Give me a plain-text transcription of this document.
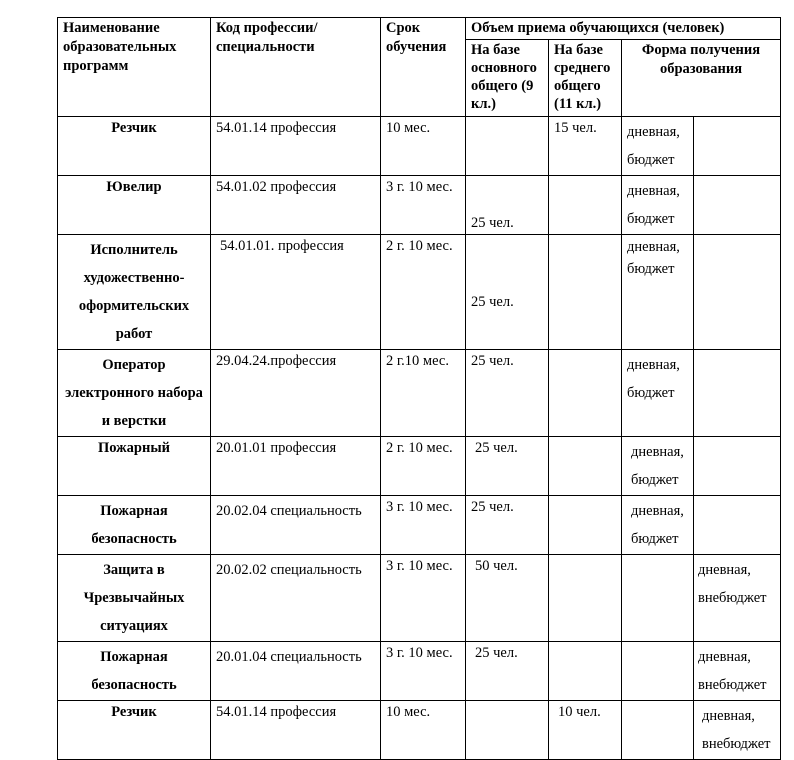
Наименование образовательных программ	Код профессии/ специальности	Срок обучения	Объем приема обучающихся (человек)			
			На базе основного общего (9 кл.)	На базе среднего общего (11 кл.)	Форма получения образования	
Резчик	54.01.14 профессия	10 мес.		15 чел.	дневная, бюджет	
Ювелир	54.01.02 профессия	3 г. 10 мес.	25 чел.		дневная, бюджет	
Исполнитель художественно-оформительских работ	54.01.01. профессия	2 г. 10 мес.	25 чел.		дневная, бюджет	
Оператор электронного набора и верстки	29.04.24.профессия	2 г.10 мес.	25 чел.		дневная, бюджет	
Пожарный	20.01.01 профессия	2 г. 10 мес.	25 чел.		дневная, бюджет	
Пожарная безопасность	20.02.04 специальность	3 г. 10 мес.	25 чел.		дневная, бюджет	
Защита в Чрезвычайных ситуациях	20.02.02 специальность	3 г. 10 мес.	50 чел.			дневная, внебюджет
Пожарная безопасность	20.01.04 специальность	3 г. 10 мес.	25 чел.			дневная, внебюджет
Резчик	54.01.14 профессия	10 мес.		10 чел.		дневная, внебюджет
